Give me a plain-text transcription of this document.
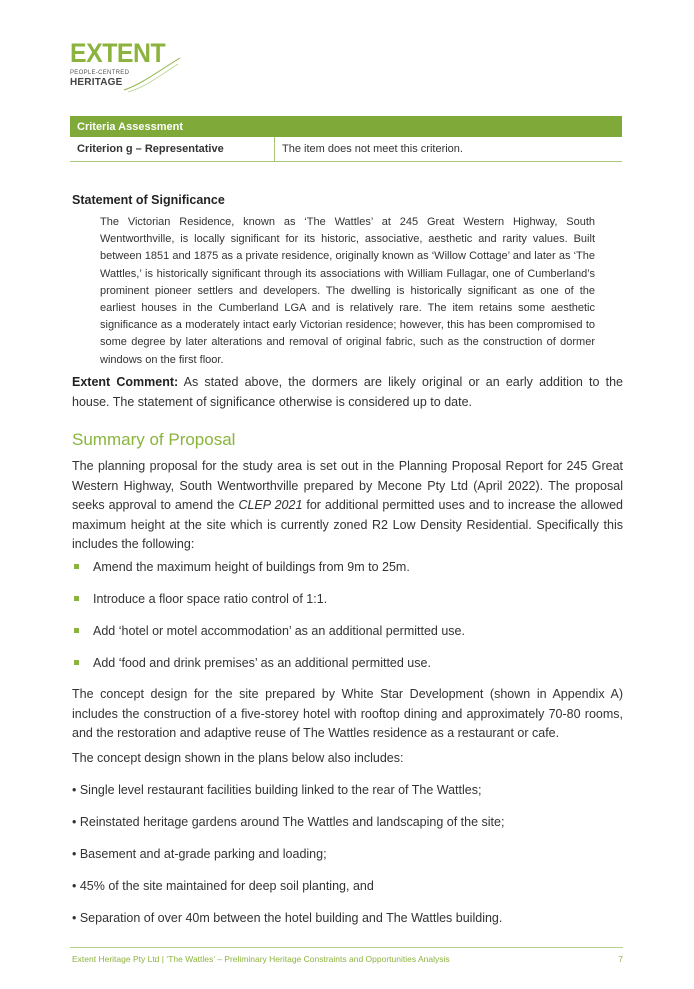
EXTENT
PEOPLE-CENTRED
HERITAGE
Criteria Assessment
Criterion g – Representative	The item does not meet this criterion.
Statement of Significance

The Victorian Residence, known as ‘The Wattles’ at 245 Great Western Highway, South Wentworthville, is locally significant for its historic, associative, aesthetic and rarity values. Built between 1851 and 1875 as a private residence, originally known as ‘Willow Cottage’ and later as ‘The Wattles,’ is historically significant through its associations with William Fullagar, one of Cumberland’s prominent pioneer settlers and developers. The dwelling is historically significant as one of the earliest houses in the Cumberland LGA and is relatively rare. The item retains some aesthetic significance as a moderately intact early Victorian residence; however, this has been compromised to some degree by later alterations and removal of original fabric, such as the construction of dormer windows on the first floor.

Extent Comment: As stated above, the dormers are likely original or an early addition to the house. The statement of significance otherwise is considered up to date.

Summary of Proposal

The planning proposal for the study area is set out in the Planning Proposal Report for 245 Great Western Highway, South Wentworthville prepared by Mecone Pty Ltd (April 2022). The proposal seeks approval to amend the CLEP 2021 for additional permitted uses and to increase the allowed maximum height at the site which is currently zoned R2 Low Density Residential. Specifically this includes the following:

Amend the maximum height of buildings from 9m to 25m.
Introduce a floor space ratio control of 1:1.
Add ‘hotel or motel accommodation’ as an additional permitted use.
Add ‘food and drink premises’ as an additional permitted use.

The concept design for the site prepared by White Star Development (shown in Appendix A) includes the construction of a five-storey hotel with rooftop dining and approximately 70-80 rooms, and the restoration and adaptive reuse of The Wattles residence as a restaurant or cafe.

The concept design shown in the plans below also includes:

• Single level restaurant facilities building linked to the rear of The Wattles;
• Reinstated heritage gardens around The Wattles and landscaping of the site;
• Basement and at-grade parking and loading;
• 45% of the site maintained for deep soil planting, and
• Separation of over 40m between the hotel building and The Wattles building.
Extent Heritage Pty Ltd | ‘The Wattles’ – Preliminary Heritage Constraints and Opportunities Analysis	7
